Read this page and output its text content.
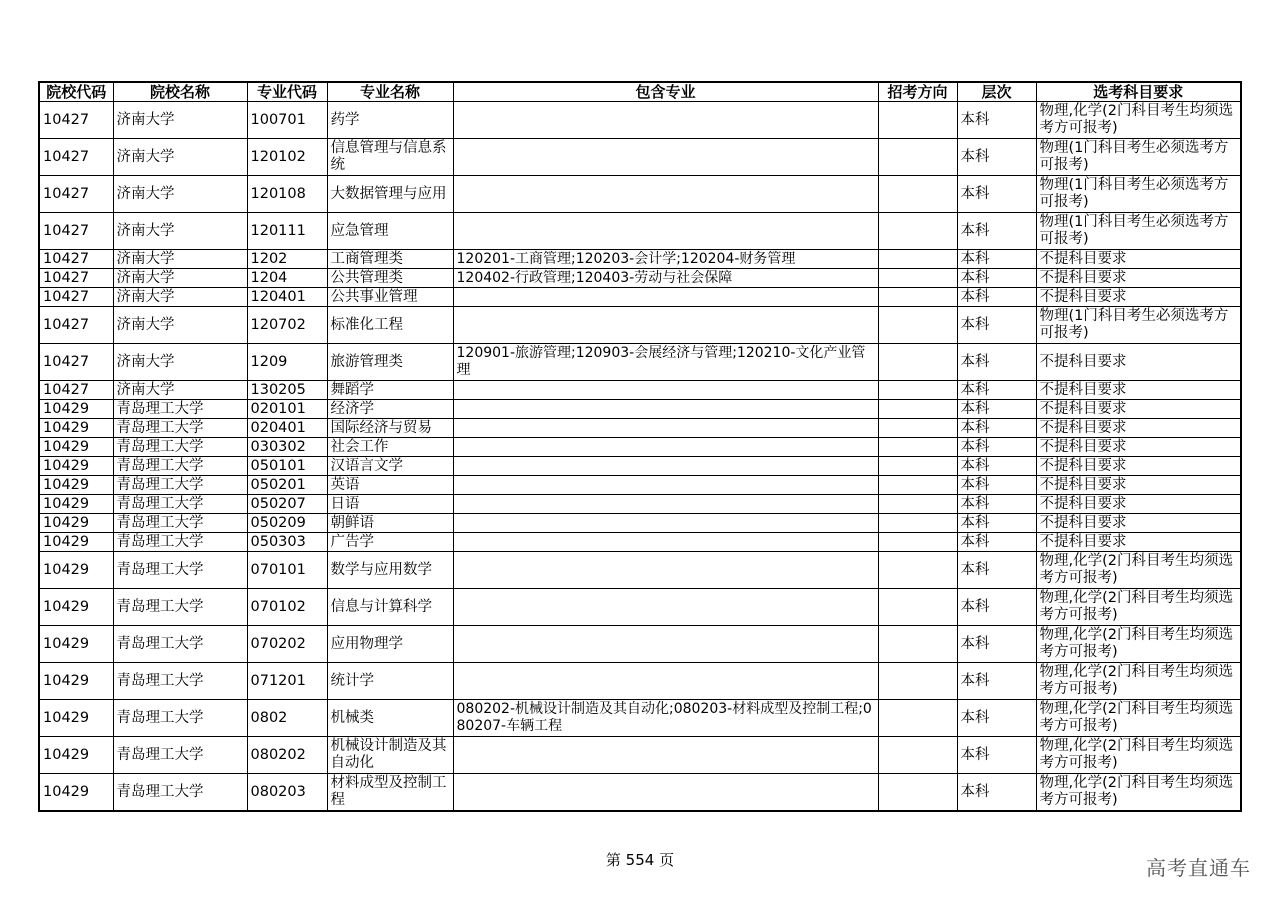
院校代码	院校名称	专业代码	专业名称	包含专业	招考方向	层次	选考科目要求
10427	济南大学	100701	药学			本科	物理,化学(2门科目考生均须选考方可报考)
10427	济南大学	120102	信息管理与信息系统			本科	物理(1门科目考生必须选考方可报考)
10427	济南大学	120108	大数据管理与应用			本科	物理(1门科目考生必须选考方可报考)
10427	济南大学	120111	应急管理			本科	物理(1门科目考生必须选考方可报考)
10427	济南大学	1202	工商管理类	120201-工商管理;120203-会计学;120204-财务管理		本科	不提科目要求
10427	济南大学	1204	公共管理类	120402-行政管理;120403-劳动与社会保障		本科	不提科目要求
10427	济南大学	120401	公共事业管理			本科	不提科目要求
10427	济南大学	120702	标准化工程			本科	物理(1门科目考生必须选考方可报考)
10427	济南大学	1209	旅游管理类	120901-旅游管理;120903-会展经济与管理;120210-文化产业管理		本科	不提科目要求
10427	济南大学	130205	舞蹈学			本科	不提科目要求
10429	青岛理工大学	020101	经济学			本科	不提科目要求
10429	青岛理工大学	020401	国际经济与贸易			本科	不提科目要求
10429	青岛理工大学	030302	社会工作			本科	不提科目要求
10429	青岛理工大学	050101	汉语言文学			本科	不提科目要求
10429	青岛理工大学	050201	英语			本科	不提科目要求
10429	青岛理工大学	050207	日语			本科	不提科目要求
10429	青岛理工大学	050209	朝鲜语			本科	不提科目要求
10429	青岛理工大学	050303	广告学			本科	不提科目要求
10429	青岛理工大学	070101	数学与应用数学			本科	物理,化学(2门科目考生均须选考方可报考)
10429	青岛理工大学	070102	信息与计算科学			本科	物理,化学(2门科目考生均须选考方可报考)
10429	青岛理工大学	070202	应用物理学			本科	物理,化学(2门科目考生均须选考方可报考)
10429	青岛理工大学	071201	统计学			本科	物理,化学(2门科目考生均须选考方可报考)
10429	青岛理工大学	0802	机械类	080202-机械设计制造及其自动化;080203-材料成型及控制工程;080207-车辆工程		本科	物理,化学(2门科目考生均须选考方可报考)
10429	青岛理工大学	080202	机械设计制造及其自动化			本科	物理,化学(2门科目考生均须选考方可报考)
10429	青岛理工大学	080203	材料成型及控制工程			本科	物理,化学(2门科目考生均须选考方可报考)
第 554 页	高考直通车
